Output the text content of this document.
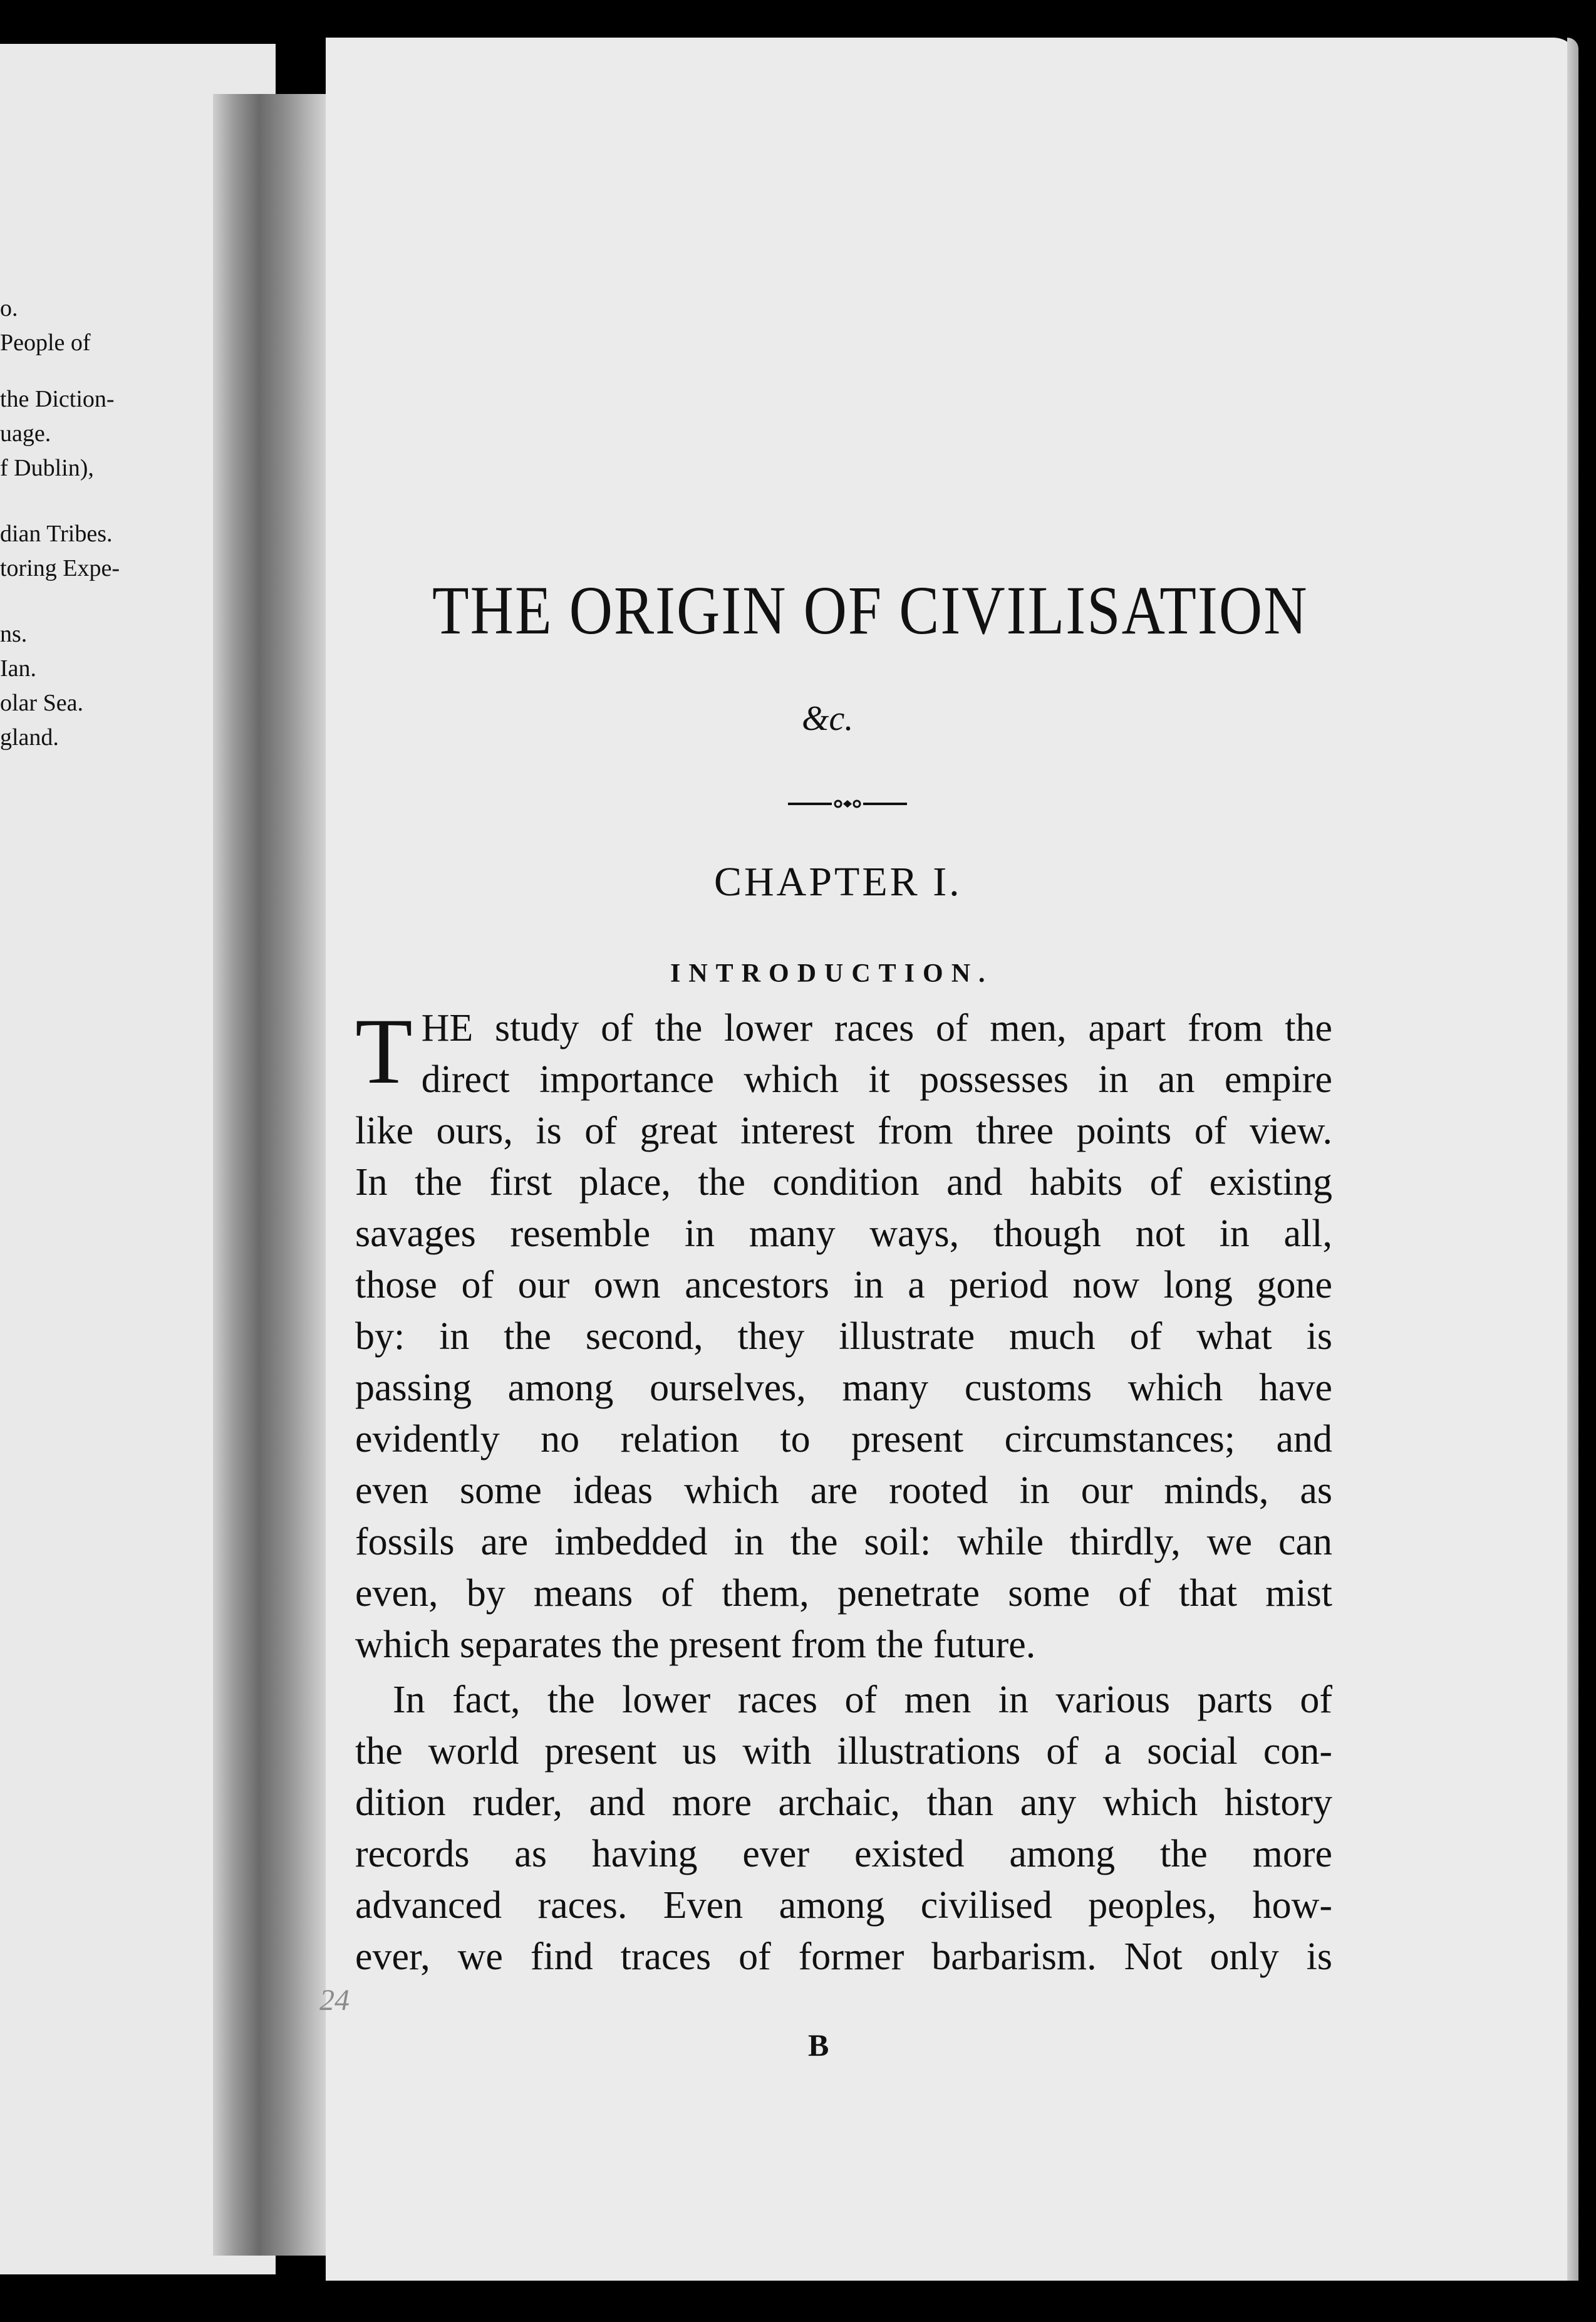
o.
People of
the Diction-
uage.
f Dublin),
dian Tribes.
toring Expe-
ns.
Ian.
olar Sea.
gland.
THE ORIGIN OF CIVILISATION
&c.
CHAPTER I.
INTRODUCTION.
T HE study of the lower races of men, apart from the
direct importance which it possesses in an empire
like ours, is of great interest from three points of view.
In the first place, the condition and habits of existing
savages resemble in many ways, though not in all,
those of our own ancestors in a period now long gone
by: in the second, they illustrate much of what is
passing among ourselves, many customs which have
evidently no relation to present circumstances; and
even some ideas which are rooted in our minds, as
fossils are imbedded in the soil: while thirdly, we can
even, by means of them, penetrate some of that mist
which separates the present from the future.
In fact, the lower races of men in various parts of
the world present us with illustrations of a social con-
dition ruder, and more archaic, than any which history
records as having ever existed among the more
advanced races. Even among civilised peoples, how-
ever, we find traces of former barbarism. Not only is
24
B
